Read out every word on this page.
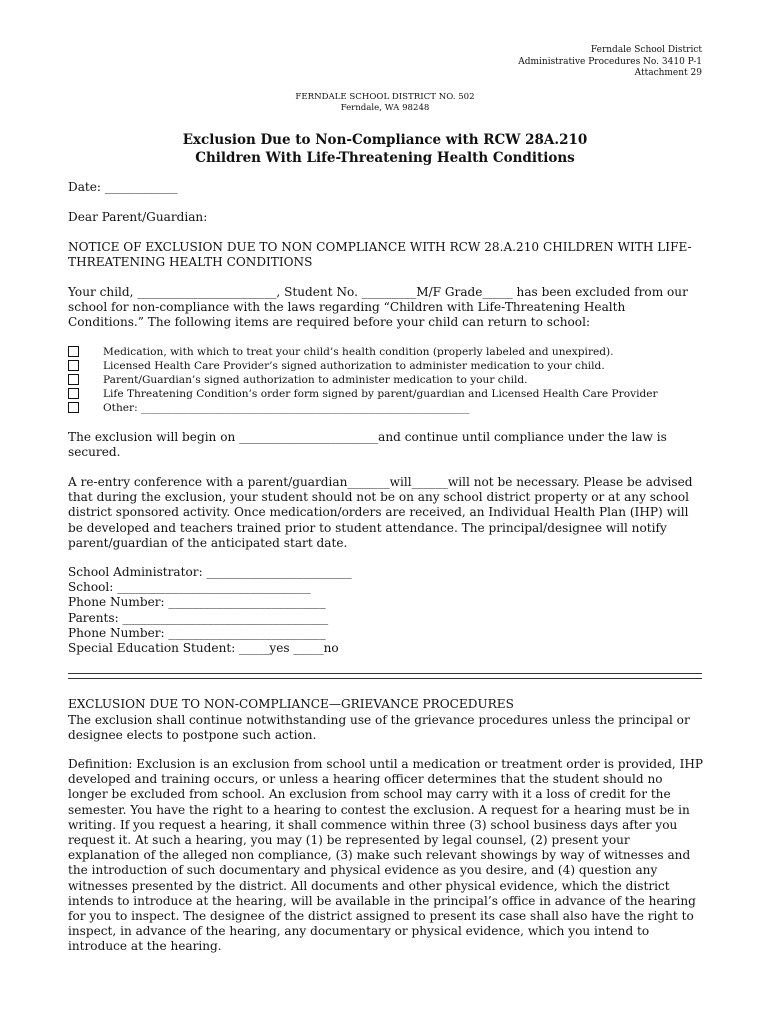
Ferndale School District
Administrative Procedures No. 3410 P-1
Attachment 29
FERNDALE SCHOOL DISTRICT NO. 502
Ferndale, WA 98248
Exclusion Due to Non-Compliance with RCW 28A.210
Children With Life-Threatening Health Conditions
Date: ____________
Dear Parent/Guardian:
NOTICE OF EXCLUSION DUE TO NON COMPLIANCE WITH RCW 28.A.210 CHILDREN WITH LIFE-THREATENING HEALTH CONDITIONS
Your child, _______________________, Student No. _________M/F Grade_____ has been excluded from our school for non-compliance with the laws regarding “Children with Life-Threatening Health Conditions.” The following items are required before your child can return to school:
Medication, with which to treat your child’s health condition (properly labeled and unexpired).
Licensed Health Care Provider’s signed authorization to administer medication to your child.
Parent/Guardian’s signed authorization to administer medication to your child.
Life Threatening Condition’s order form signed by parent/guardian and Licensed Health Care Provider
Other: ______________________________________________________________
The exclusion will begin on _______________________and continue until compliance under the law is secured.
A re-entry conference with a parent/guardian_______will______will not be necessary. Please be advised that during the exclusion, your student should not be on any school district property or at any school district sponsored activity. Once medication/orders are received, an Individual Health Plan (IHP) will be developed and teachers trained prior to student attendance. The principal/designee will notify parent/guardian of the anticipated start date.
School Administrator: ________________________
School: ________________________________
Phone Number: __________________________
Parents: __________________________________
Phone Number: __________________________
Special Education Student: _____yes _____no
EXCLUSION DUE TO NON-COMPLIANCE—GRIEVANCE PROCEDURES
The exclusion shall continue notwithstanding use of the grievance procedures unless the principal or designee elects to postpone such action.
Definition: Exclusion is an exclusion from school until a medication or treatment order is provided, IHP developed and training occurs, or unless a hearing officer determines that the student should no longer be excluded from school. An exclusion from school may carry with it a loss of credit for the semester. You have the right to a hearing to contest the exclusion. A request for a hearing must be in writing. If you request a hearing, it shall commence within three (3) school business days after you request it. At such a hearing, you may (1) be represented by legal counsel, (2) present your explanation of the alleged non compliance, (3) make such relevant showings by way of witnesses and the introduction of such documentary and physical evidence as you desire, and (4) question any witnesses presented by the district. All documents and other physical evidence, which the district intends to introduce at the hearing, will be available in the principal’s office in advance of the hearing for you to inspect. The designee of the district assigned to present its case shall also have the right to inspect, in advance of the hearing, any documentary or physical evidence, which you intend to introduce at the hearing.
